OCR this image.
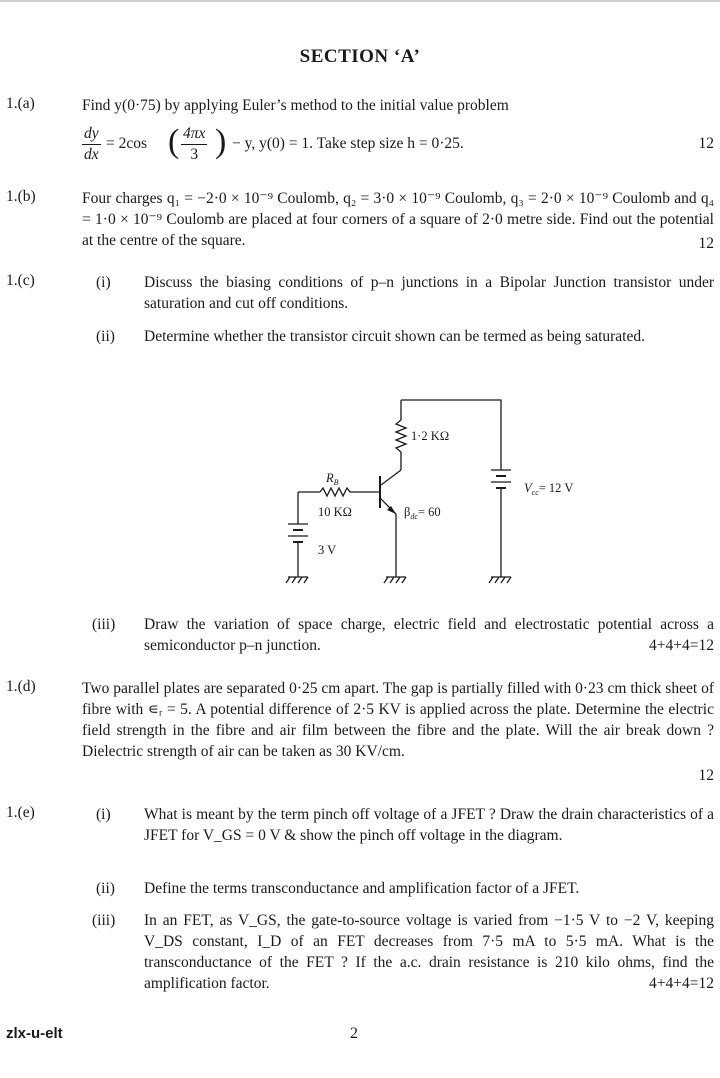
SECTION ‘A’
1.(a)	Find y(0·75) by applying Euler’s method to the initial value problem
$\frac{dy}{dx} = 2\cos$ ( $\frac{4\pi x}{3}$ ) − y, y(0) = 1. Take step size h = 0·25.	12
1.(b)	Four charges q₁ = −2·0 × 10⁻⁹ Coulomb, q₂ = 3·0 × 10⁻⁹ Coulomb, q₃ = 2·0 × 10⁻⁹ Coulomb and q₄ = 1·0 × 10⁻⁹ Coulomb are placed at four corners of a square of 2·0 metre side. Find out the potential at the centre of the square.	12
1.(c)	(i) Discuss the biasing conditions of p–n junctions in a Bipolar Junction transistor under saturation and cut off conditions.
(ii) Determine whether the transistor circuit shown can be termed as being saturated.
1·2 KΩ
$R_B$
10 KΩ	$\beta_{dc}= 60$
$V_{cc}= 12$ V
3 V
(iii) Draw the variation of space charge, electric field and electrostatic potential across a semiconductor p–n junction.	4+4+4=12
1.(d)	Two parallel plates are separated 0·25 cm apart. The gap is partially filled with 0·23 cm thick sheet of fibre with ∊ᵣ = 5. A potential difference of 2·5 KV is applied across the plate. Determine the electric field strength in the fibre and air film between the fibre and the plate. Will the air break down ? Dielectric strength of air can be taken as 30 KV/cm.
12
1.(e)	(i) What is meant by the term pinch off voltage of a JFET ? Draw the drain characteristics of a JFET for V_GS = 0 V & show the pinch off voltage in the diagram.
(ii) Define the terms transconductance and amplification factor of a JFET.
(iii) In an FET, as V_GS, the gate-to-source voltage is varied from −1·5 V to −2 V, keeping V_DS constant, I_D of an FET decreases from 7·5 mA to 5·5 mA. What is the transconductance of the FET ? If the a.c. drain resistance is 210 kilo ohms, find the amplification factor.	4+4+4=12
zlx-u-elt	2
